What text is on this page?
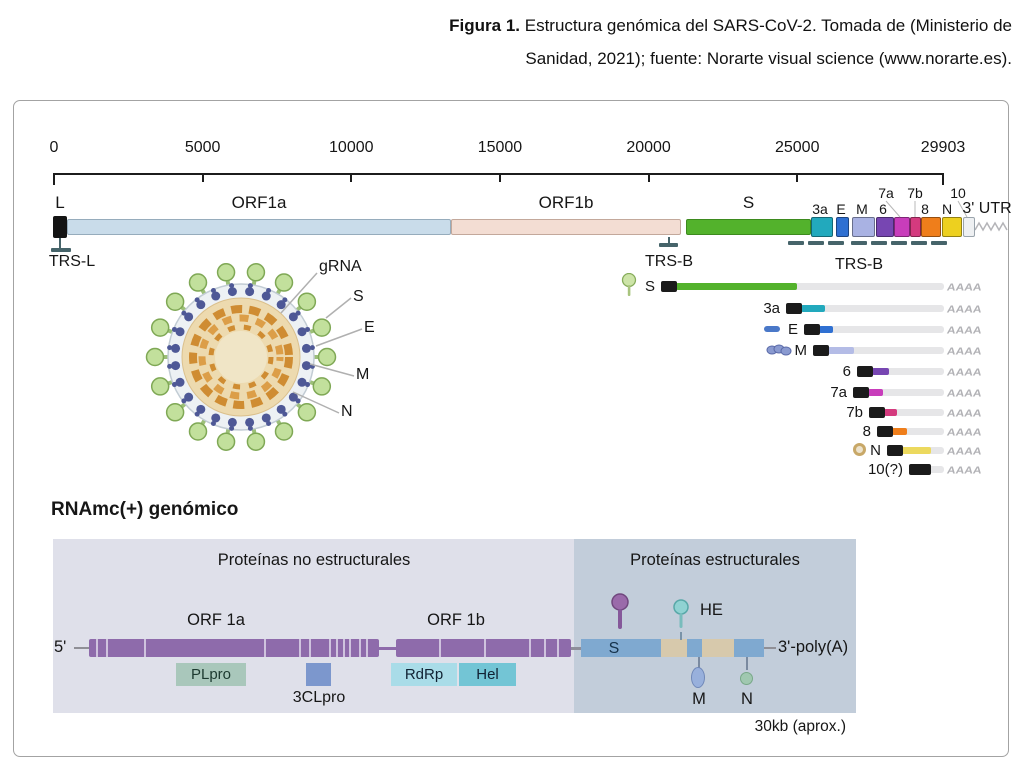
Figura 1. Estructura genómica del SARS-CoV-2. Tomada de (Ministerio de
Sanidad, 2021); fuente: Norarte visual science (www.norarte.es).
RNAmc(+) genómico
Proteínas no estructurales	Proteínas estructurales
ORF 1a	ORF 1b
5'	S	3'-poly(A)
PLpro
3CLpro
RdRp	Hel
HE
M N
30kb (aprox.)
0	5000	10000	15000	20000	25000	29903
L	ORF1a	ORF1b	S	3a E M 6
7a 7b
8 N
10
3' UTR
TRS-L	TRS-B	TRS-B
gRNA
S
E
M
N
S	AAAA
3a	AAAA
E	AAAA
M	AAAA
6	AAAA
7a	AAAA
7b	AAAA
8	AAAA
N	AAAA
10(?)	AAAA
